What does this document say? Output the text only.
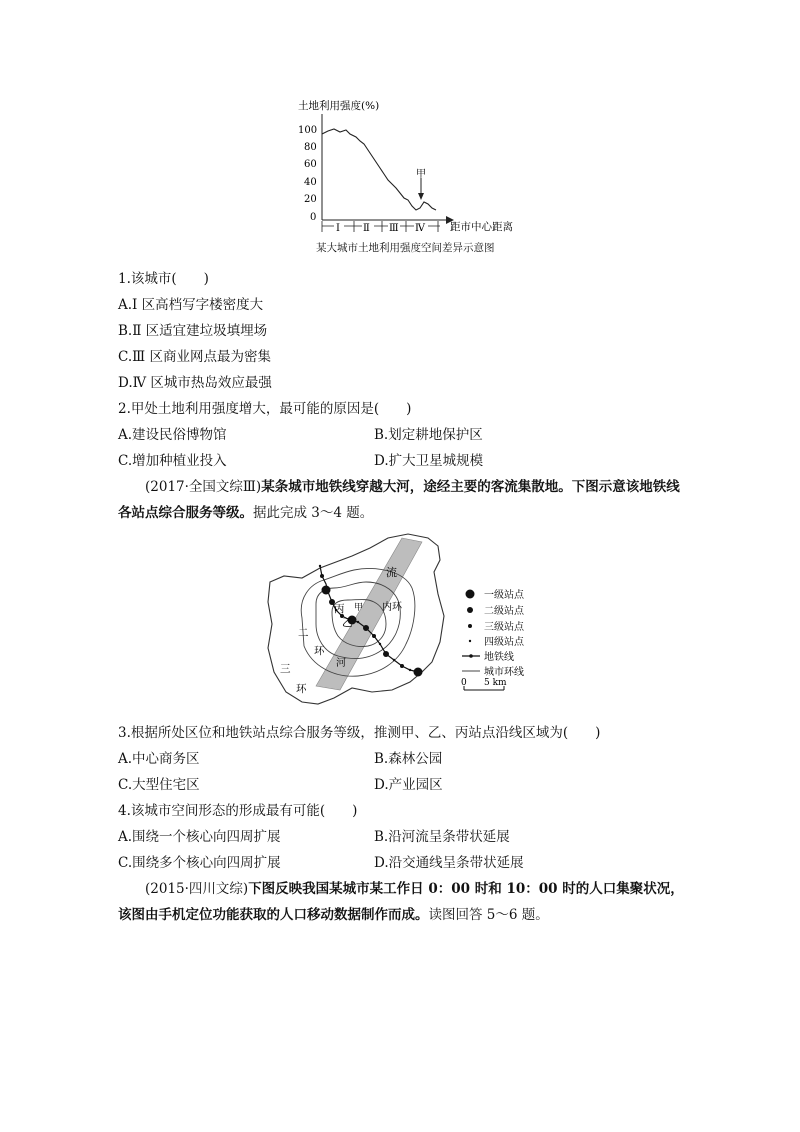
土地利用强度(%)
100
80
60
40
20
0
甲
Ⅰ Ⅱ Ⅲ Ⅳ 距市中心距离
某大城市土地利用强度空间差异示意图
1.该城市(　　)
A.Ⅰ 区高档写字楼密度大
B.Ⅱ 区适宜建垃圾填埋场
C.Ⅲ 区商业网点最为密集
D.Ⅳ 区城市热岛效应最强
2.甲处土地利用强度增大，最可能的原因是(　　)
A.建设民俗博物馆	B.划定耕地保护区
C.增加种植业投入	D.扩大卫星城规模
(2017·全国文综Ⅲ)某条城市地铁线穿越大河，途经主要的客流集散地。下图示意该地铁线各站点综合服务等级。据此完成 3～4 题。
流
河
内环
丙
乙
甲
二
环
三
环
一级站点
二级站点
三级站点
四级站点
地铁线
城市环线
0 5 km
3.根据所处区位和地铁站点综合服务等级，推测甲、乙、丙站点沿线区域为(　　)
A.中心商务区	B.森林公园
C.大型住宅区	D.产业园区
4.该城市空间形态的形成最有可能(　　)
A.围绕一个核心向四周扩展	B.沿河流呈条带状延展
C.围绕多个核心向四周扩展	D.沿交通线呈条带状延展
(2015·四川文综)下图反映我国某城市某工作日 0：00 时和 10：00 时的人口集聚状况，该图由手机定位功能获取的人口移动数据制作而成。读图回答 5～6 题。
